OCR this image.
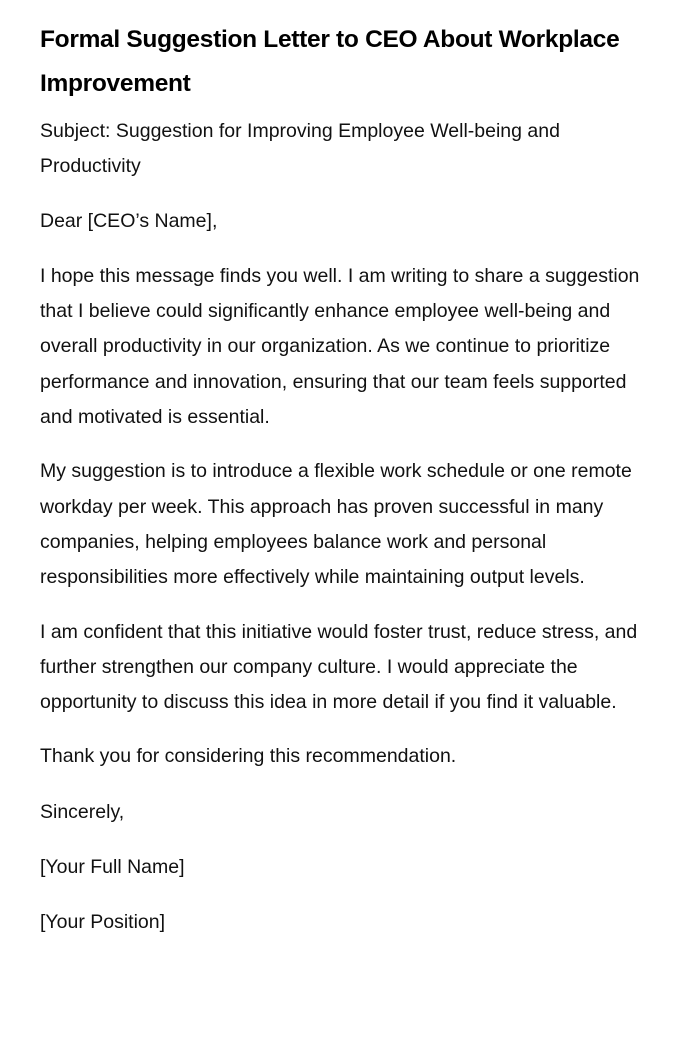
Formal Suggestion Letter to CEO About Workplace Improvement

Subject: Suggestion for Improving Employee Well-being and Productivity

Dear [CEO’s Name],

I hope this message finds you well. I am writing to share a suggestion that I believe could significantly enhance employee well-being and overall productivity in our organization. As we continue to prioritize performance and innovation, ensuring that our team feels supported and motivated is essential.

My suggestion is to introduce a flexible work schedule or one remote workday per week. This approach has proven successful in many companies, helping employees balance work and personal responsibilities more effectively while maintaining output levels.

I am confident that this initiative would foster trust, reduce stress, and further strengthen our company culture. I would appreciate the opportunity to discuss this idea in more detail if you find it valuable.

Thank you for considering this recommendation.

Sincerely,

[Your Full Name]

[Your Position]
